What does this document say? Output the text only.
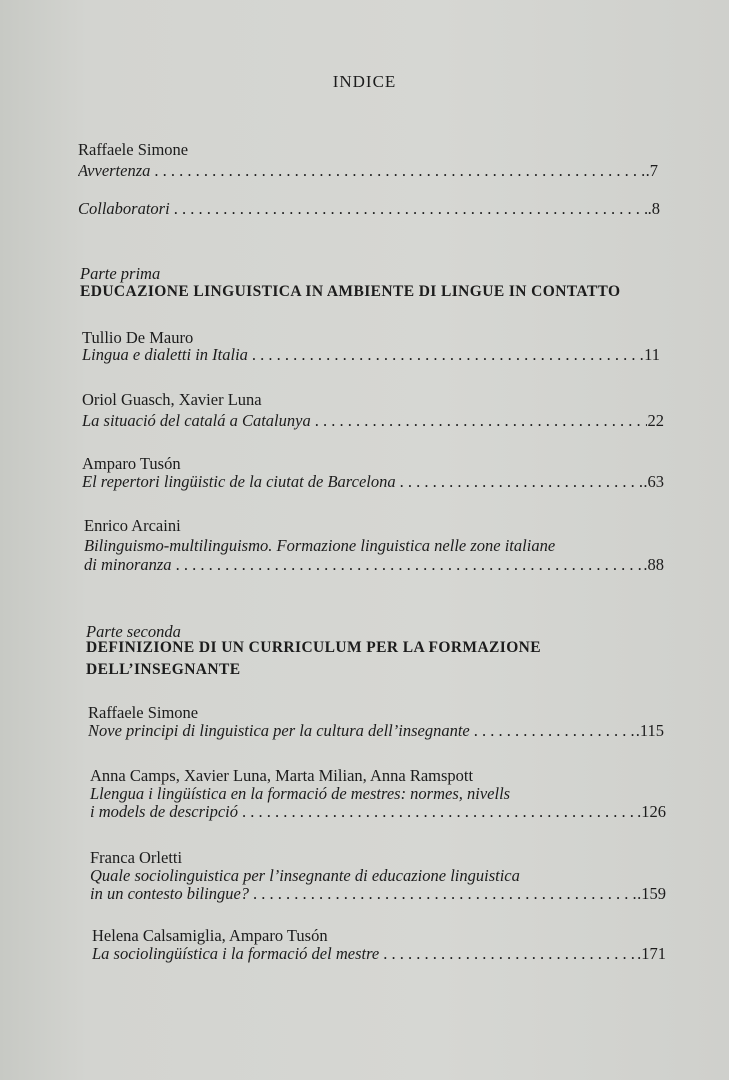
INDICE
Raffaele Simone
Avvertenza . . .	.7
Collaboratori . . .	.8
Parte prima
EDUCAZIONE LINGUISTICA IN AMBIENTE DI LINGUE IN CONTATTO
Tullio De Mauro
Lingua e dialetti in Italia . . .	11
Oriol Guasch, Xavier Luna
La situació del catalá a Catalunya . . .	22
Amparo Tusón
El repertori lingüistic de la ciutat de Barcelona . . .	.63
Enrico Arcaini
Bilinguismo-multilinguismo. Formazione linguistica nelle zone italiane
di minoranza . . .	.88
Parte seconda
DEFINIZIONE DI UN CURRICULUM PER LA FORMAZIONE
DELL’INSEGNANTE
Raffaele Simone
Nove principi di linguistica per la cultura dell’insegnante . . .	.115
Anna Camps, Xavier Luna, Marta Milian, Anna Ramspott
Llengua i lingüística en la formació de mestres: normes, nivells
i models de descripció . . .	.126
Franca Orletti
Quale sociolinguistica per l’insegnante di educazione linguistica
in un contesto bilingue? . . .	.159
Helena Calsamiglia, Amparo Tusón
La sociolingüística i la formació del mestre . . .	.171
